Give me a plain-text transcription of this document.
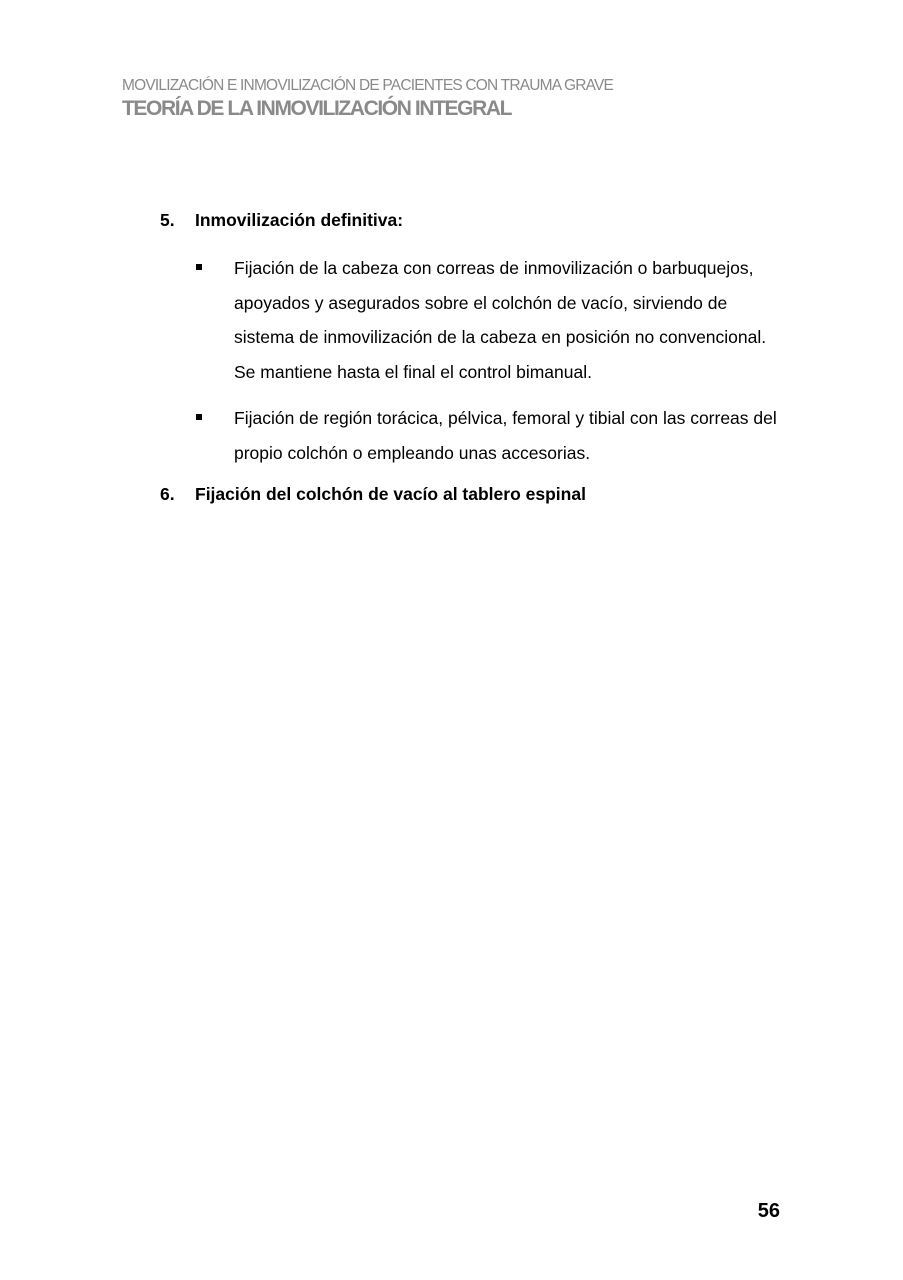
MOVILIZACIÓN E INMOVILIZACIÓN DE PACIENTES CON TRAUMA GRAVE
TEORÍA DE LA INMOVILIZACIÓN INTEGRAL
5.	Inmovilización definitiva:
Fijación de la cabeza con correas de inmovilización o barbuquejos, apoyados y asegurados sobre el colchón de vacío, sirviendo de sistema de inmovilización de la cabeza en posición no convencional. Se mantiene hasta el final el control bimanual.
Fijación de región torácica, pélvica, femoral y tibial con las correas del propio colchón o empleando unas accesorias.
6.	Fijación del colchón de vacío al tablero espinal
56
